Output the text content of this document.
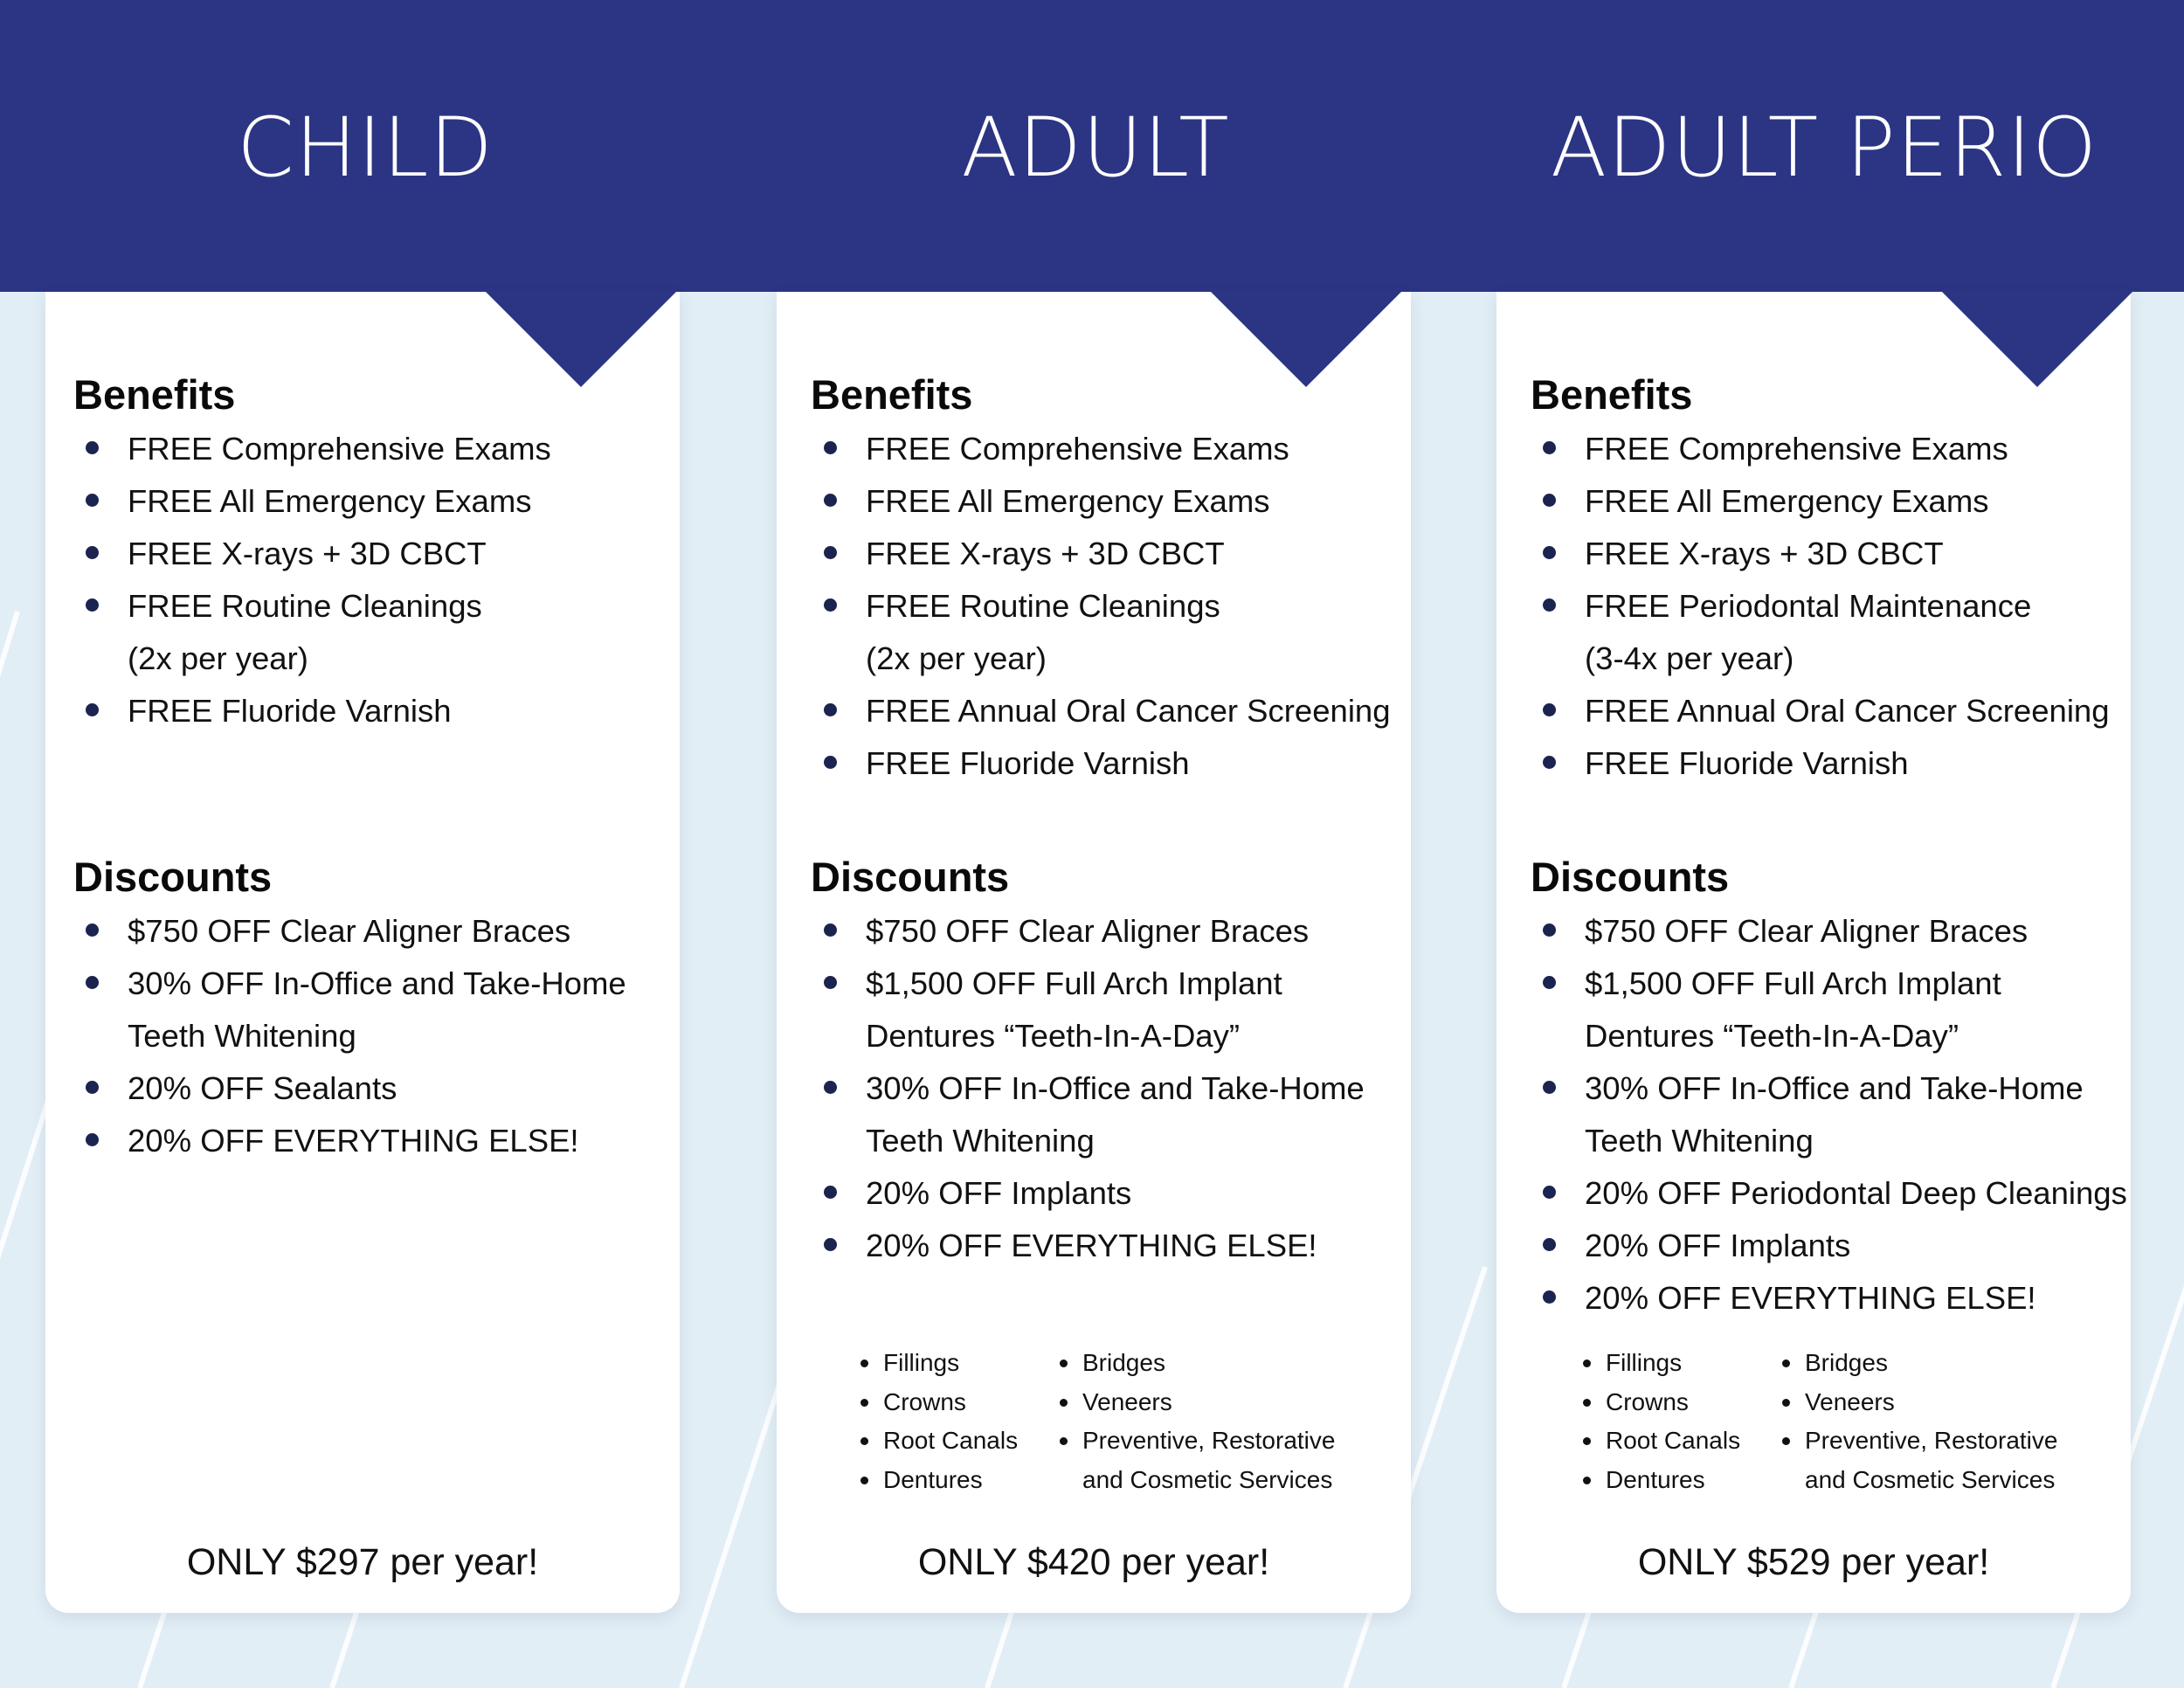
CHILD	ADULT	ADULT PERIO
Benefits
FREE Comprehensive Exams
FREE All Emergency Exams
FREE X-rays + 3D CBCT
FREE Routine Cleanings
(2x per year)
FREE Fluoride Varnish
Discounts
$750 OFF Clear Aligner Braces
30% OFF In-Office and Take-Home
Teeth Whitening
20% OFF Sealants
20% OFF EVERYTHING ELSE!
ONLY $297 per year!
Benefits
FREE Comprehensive Exams
FREE All Emergency Exams
FREE X-rays + 3D CBCT
FREE Routine Cleanings
(2x per year)
FREE Annual Oral Cancer Screening
FREE Fluoride Varnish
Discounts
$750 OFF Clear Aligner Braces
$1,500 OFF Full Arch Implant
Dentures “Teeth-In-A-Day”
30% OFF In-Office and Take-Home
Teeth Whitening
20% OFF Implants
20% OFF EVERYTHING ELSE!
Fillings
Crowns
Root Canals
Dentures
Bridges
Veneers
Preventive, Restorative
and Cosmetic Services
ONLY $420 per year!
Benefits
FREE Comprehensive Exams
FREE All Emergency Exams
FREE X-rays + 3D CBCT
FREE Periodontal Maintenance
(3-4x per year)
FREE Annual Oral Cancer Screening
FREE Fluoride Varnish
Discounts
$750 OFF Clear Aligner Braces
$1,500 OFF Full Arch Implant
Dentures “Teeth-In-A-Day”
30% OFF In-Office and Take-Home
Teeth Whitening
20% OFF Periodontal Deep Cleanings
20% OFF Implants
20% OFF EVERYTHING ELSE!
Fillings
Crowns
Root Canals
Dentures
Bridges
Veneers
Preventive, Restorative
and Cosmetic Services
ONLY $529 per year!
